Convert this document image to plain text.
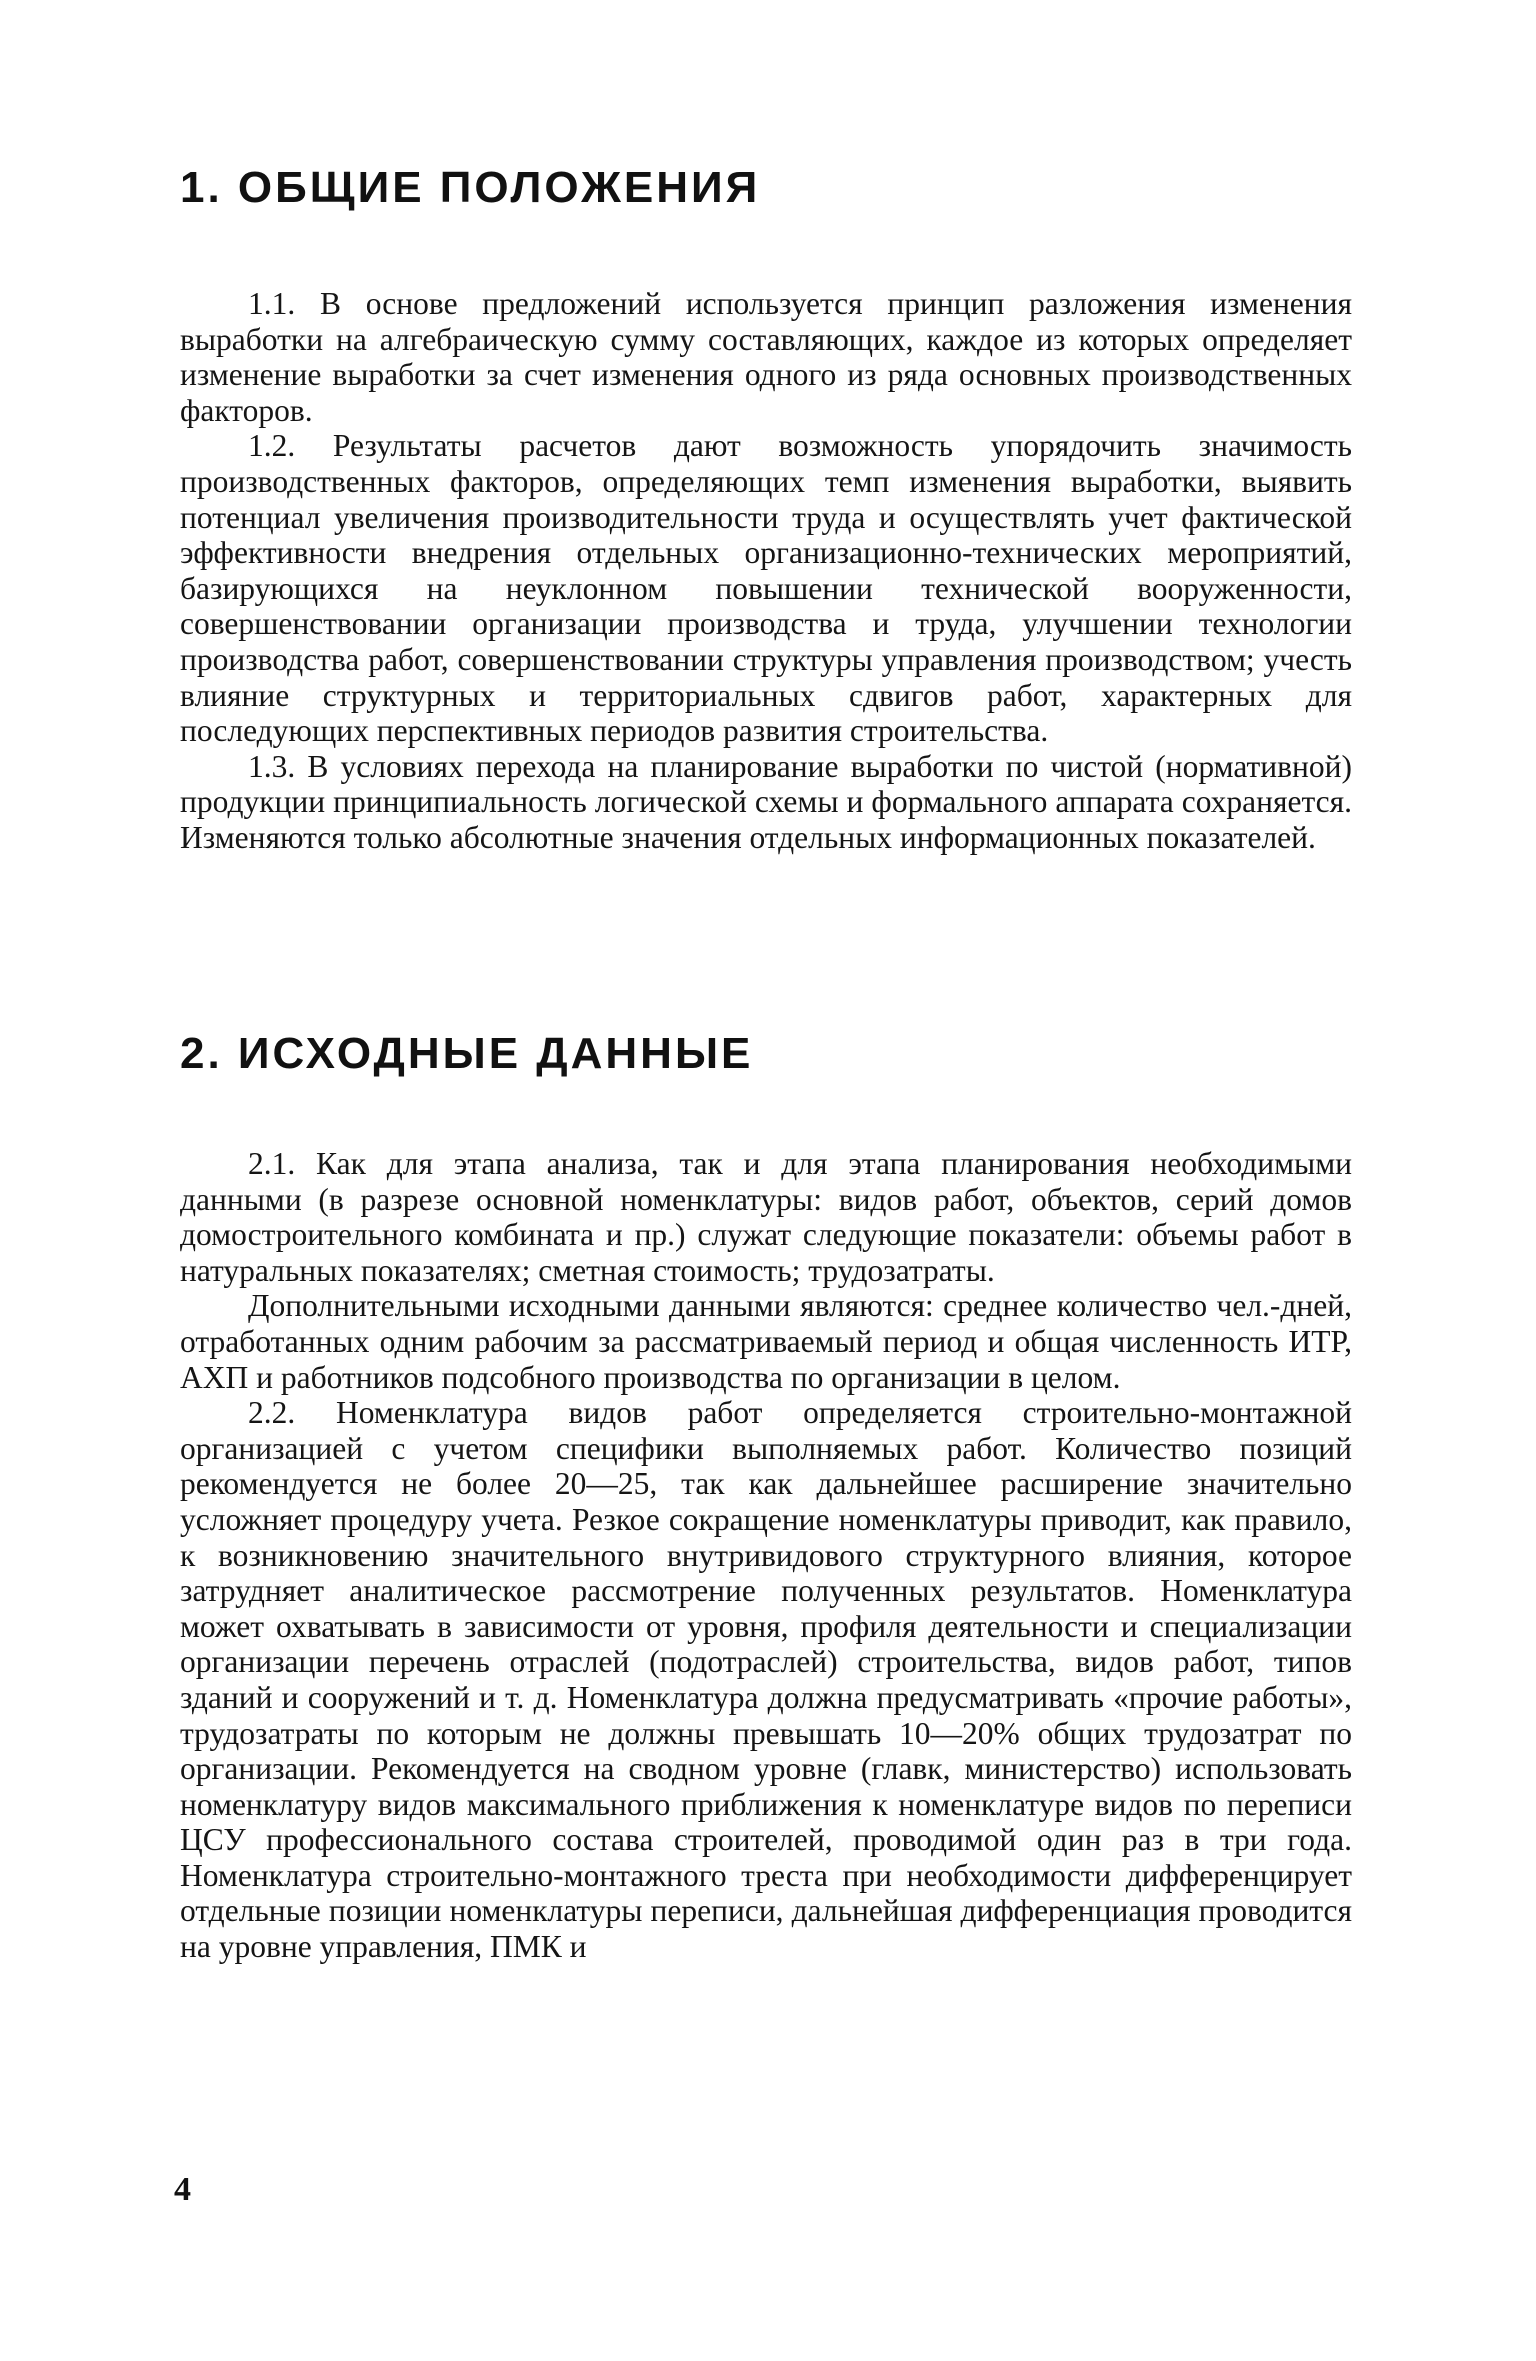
1. ОБЩИЕ ПОЛОЖЕНИЯ

1.1. В основе предложений используется принцип разложения изменения выработки на алгебраическую сумму составляющих, каждое из которых определяет изменение выработки за счет изменения одного из ряда основных производственных факторов.

1.2. Результаты расчетов дают возможность упорядочить значимость производственных факторов, определяющих темп изменения выработки, выявить потенциал увеличения производительности труда и осуществлять учет фактической эффективности внедрения отдельных организационно-технических мероприятий, базирующихся на неуклонном повышении технической вооруженности, совершенствовании организации производства и труда, улучшении технологии производства работ, совершенствовании структуры управления производством; учесть влияние структурных и территориальных сдвигов работ, характерных для последующих перспективных периодов развития строительства.

1.3. В условиях перехода на планирование выработки по чистой (нормативной) продукции принципиальность логической схемы и формального аппарата сохраняется. Изменяются только абсолютные значения отдельных информационных показателей.

2. ИСХОДНЫЕ ДАННЫЕ

2.1. Как для этапа анализа, так и для этапа планирования необходимыми данными (в разрезе основной номенклатуры: видов работ, объектов, серий домов домостроительного комбината и пр.) служат следующие показатели: объемы работ в натуральных показателях; сметная стоимость; трудозатраты.

Дополнительными исходными данными являются: среднее количество чел.-дней, отработанных одним рабочим за рассматриваемый период и общая численность ИТР, АХП и работников подсобного производства по организации в целом.

2.2. Номенклатура видов работ определяется строительно-монтажной организацией с учетом специфики выполняемых работ. Количество позиций рекомендуется не более 20—25, так как дальнейшее расширение значительно усложняет процедуру учета. Резкое сокращение номенклатуры приводит, как правило, к возникновению значительного внутривидового структурного влияния, которое затрудняет аналитическое рассмотрение полученных результатов. Номенклатура может охватывать в зависимости от уровня, профиля деятельности и специализации организации перечень отраслей (подотраслей) строительства, видов работ, типов зданий и сооружений и т. д. Номенклатура должна предусматривать «прочие работы», трудозатраты по которым не должны превышать 10—20% общих трудозатрат по организации. Рекомендуется на сводном уровне (главк, министерство) использовать номенклатуру видов максимального приближения к номенклатуре видов по переписи ЦСУ профессионального состава строителей, проводимой один раз в три года. Номенклатура строительно-монтажного треста при необходимости дифференцирует отдельные позиции номенклатуры переписи, дальнейшая дифференциация проводится на уровне управления, ПМК и

4
